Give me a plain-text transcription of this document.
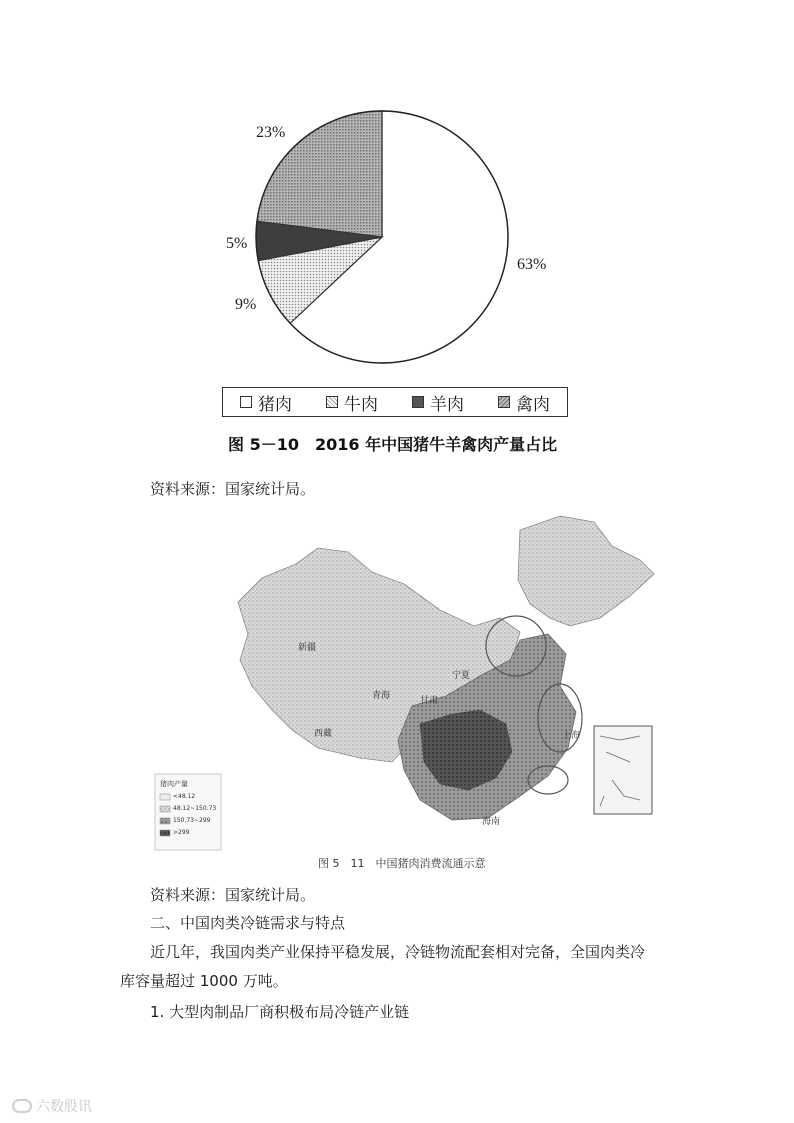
23%
5%
9%
63%
猪肉	牛肉	羊肉	禽肉
图 5－10　2016 年中国猪牛羊禽肉产量占比
资料来源：国家统计局。
新疆
西藏
青海	甘肃
宁夏
上海
海南
猪肉产量
<48.12
48.12~150.73
150.73~299
>299
图 5　11　中国猪肉消费流通示意
资料来源：国家统计局。
二、中国肉类冷链需求与特点
近几年，我国肉类产业保持平稳发展，冷链物流配套相对完备，全国肉类冷
库容量超过 1000 万吨。
1. 大型肉制品厂商积极布局冷链产业链
六数股讯
